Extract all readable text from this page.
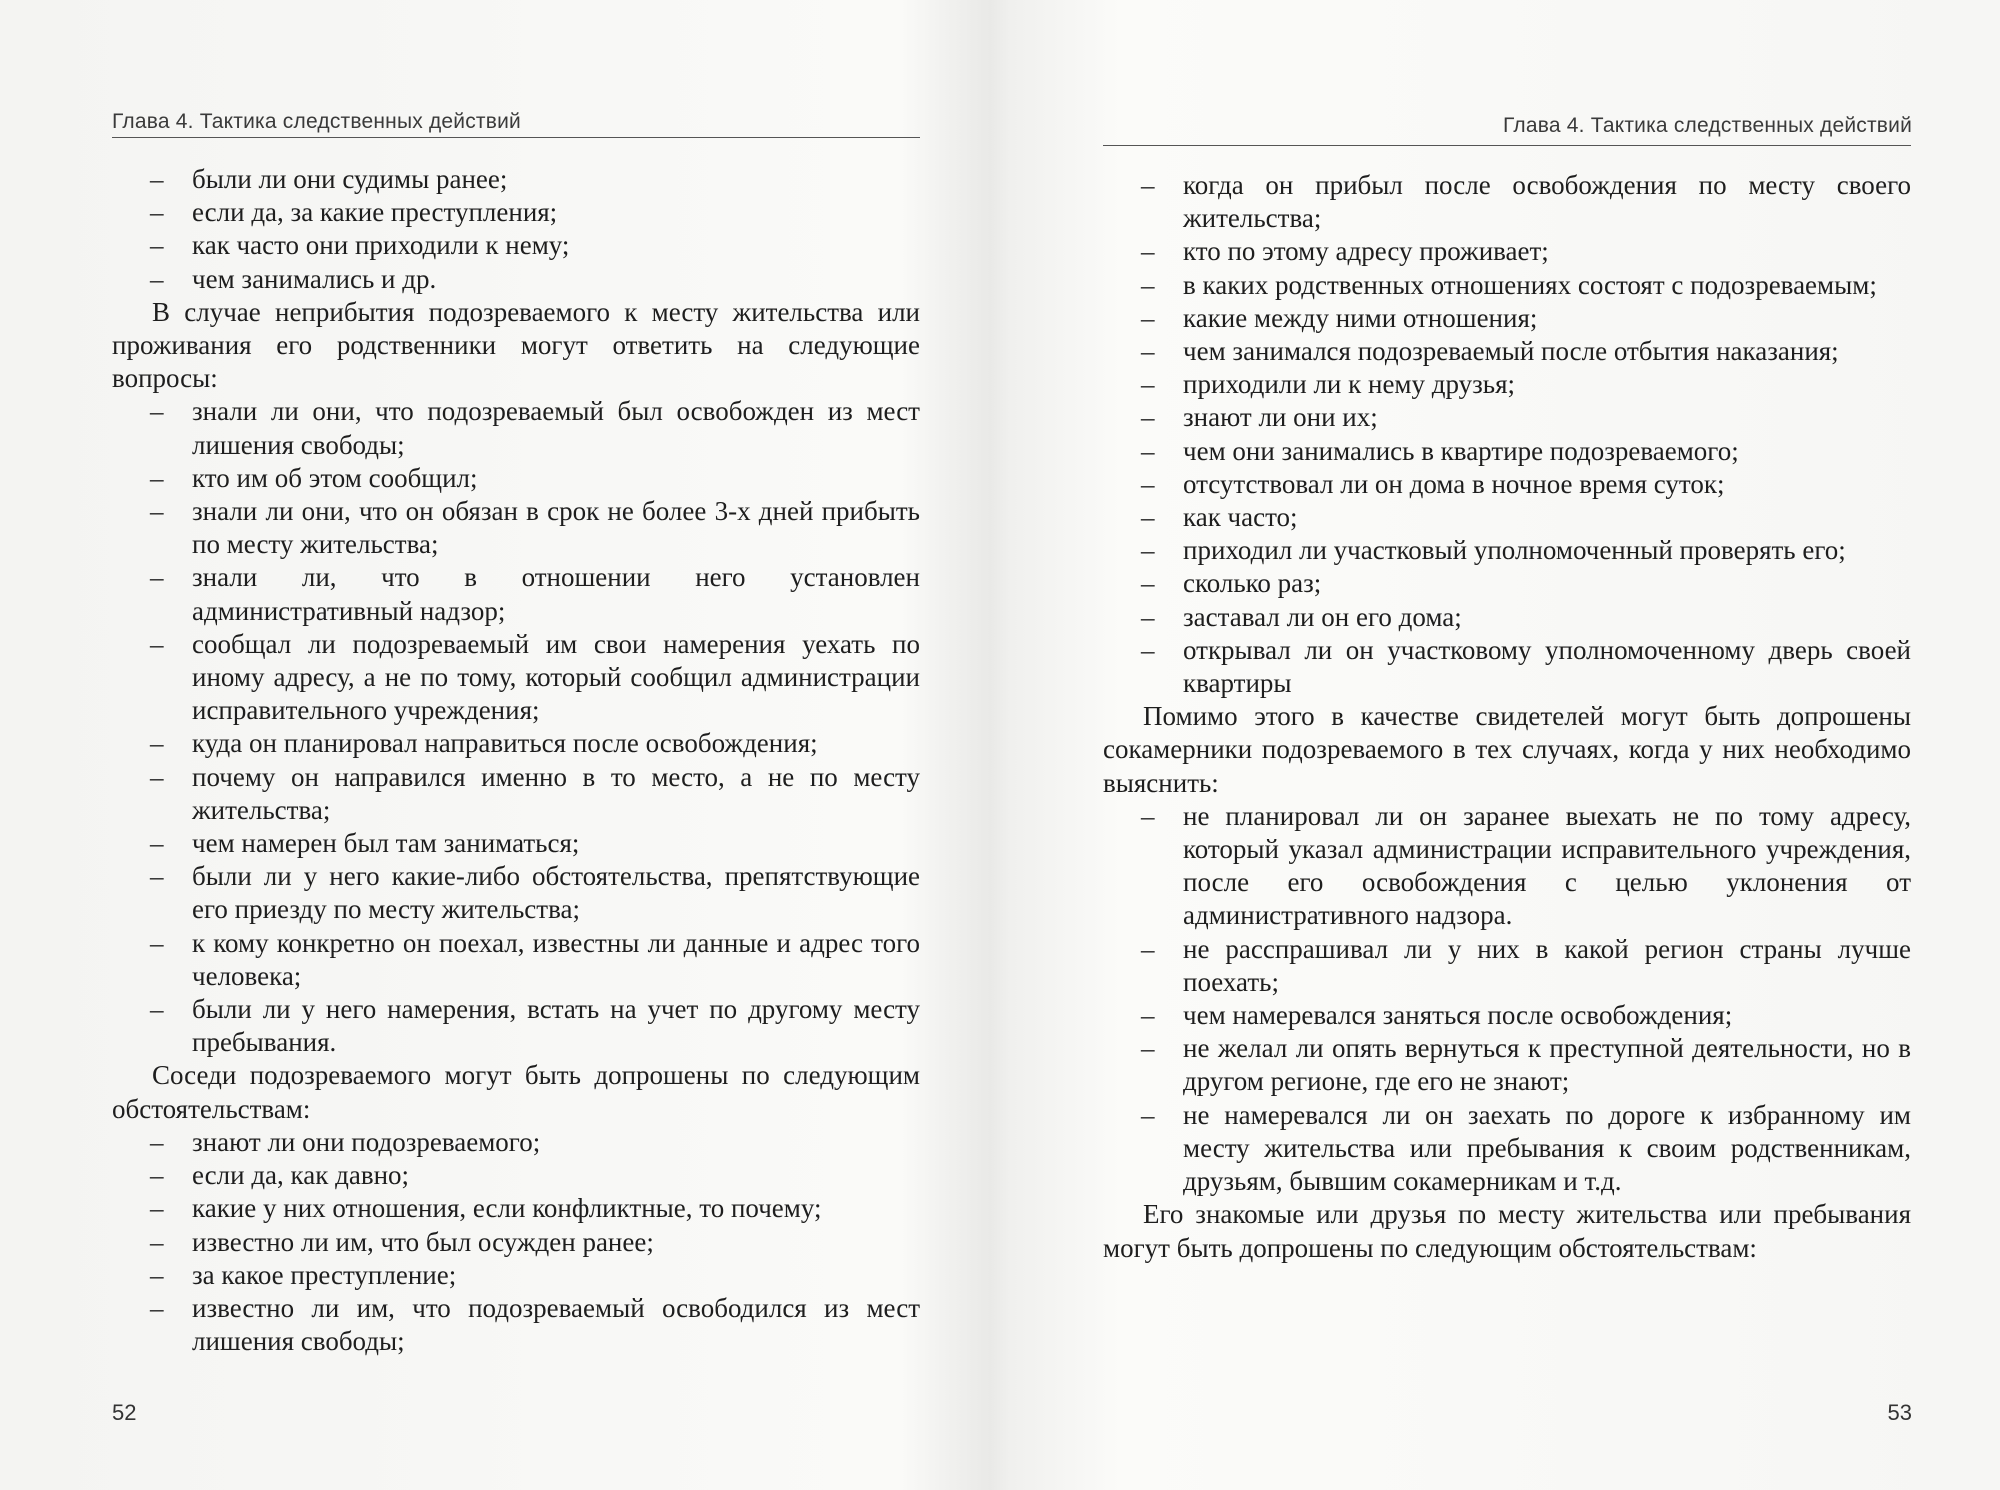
Глава 4. Тактика следственных действий
– были ли они судимы ранее;
– если да, за какие преступления;
– как часто они приходили к нему;
– чем занимались и др.
В случае неприбытия подозреваемого к месту жительства или проживания его родственники могут ответить на следующие вопросы:
– знали ли они, что подозреваемый был освобожден из мест лишения свободы;
– кто им об этом сообщил;
– знали ли они, что он обязан в срок не более 3-х дней прибыть по месту жительства;
– знали ли, что в отношении него установлен административный надзор;
– сообщал ли подозреваемый им свои намерения уехать по иному адресу, а не по тому, который сообщил администрации исправительного учреждения;
– куда он планировал направиться после освобождения;
– почему он направился именно в то место, а не по месту жительства;
– чем намерен был там заниматься;
– были ли у него какие-либо обстоятельства, препятствующие его приезду по месту жительства;
– к кому конкретно он поехал, известны ли данные и адрес того человека;
– были ли у него намерения, встать на учет по другому месту пребывания.
Соседи подозреваемого могут быть допрошены по следующим обстоятельствам:
– знают ли они подозреваемого;
– если да, как давно;
– какие у них отношения, если конфликтные, то почему;
– известно ли им, что был осужден ранее;
– за какое преступление;
– известно ли им, что подозреваемый освободился из мест лишения свободы;
52
Глава 4. Тактика следственных действий
– когда он прибыл после освобождения по месту своего жительства;
– кто по этому адресу проживает;
– в каких родственных отношениях состоят с подозреваемым;
– какие между ними отношения;
– чем занимался подозреваемый после отбытия наказания;
– приходили ли к нему друзья;
– знают ли они их;
– чем они занимались в квартире подозреваемого;
– отсутствовал ли он дома в ночное время суток;
– как часто;
– приходил ли участковый уполномоченный проверять его;
– сколько раз;
– заставал ли он его дома;
– открывал ли он участковому уполномоченному дверь своей квартиры
Помимо этого в качестве свидетелей могут быть допрошены сокамерники подозреваемого в тех случаях, когда у них необходимо выяснить:
– не планировал ли он заранее выехать не по тому адресу, который указал администрации исправительного учреждения, после его освобождения с целью уклонения от административного надзора.
– не расспрашивал ли у них в какой регион страны лучше поехать;
– чем намеревался заняться после освобождения;
– не желал ли опять вернуться к преступной деятельности, но в другом регионе, где его не знают;
– не намеревался ли он заехать по дороге к избранному им месту жительства или пребывания к своим родственникам, друзьям, бывшим сокамерникам и т.д.
Его знакомые или друзья по месту жительства или пребывания могут быть допрошены по следующим обстоятельствам:
53
